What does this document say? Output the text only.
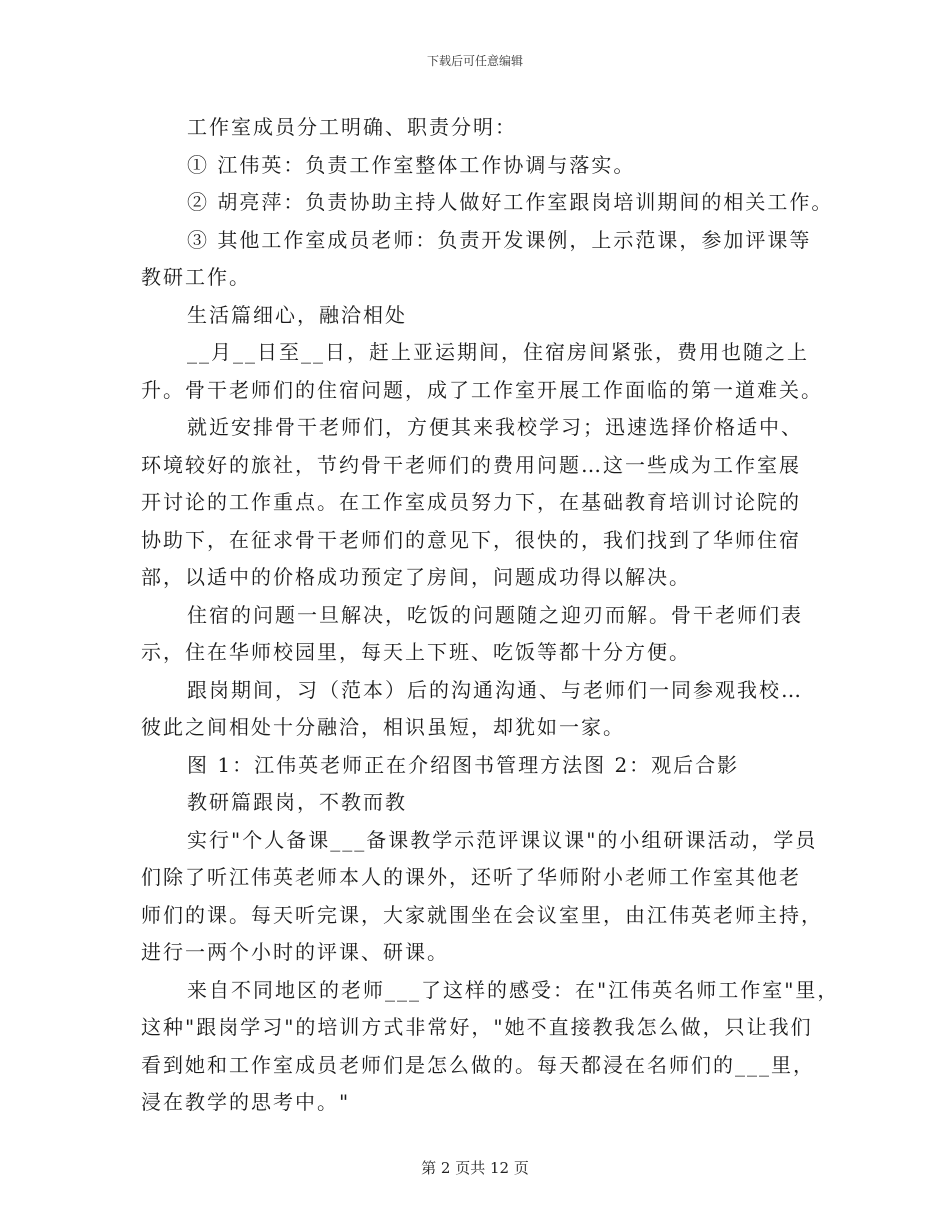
下载后可任意编辑
工作室成员分工明确、职责分明：
① 江伟英：负责工作室整体工作协调与落实。
② 胡亮萍：负责协助主持人做好工作室跟岗培训期间的相关工作。
③ 其他工作室成员老师：负责开发课例，上示范课，参加评课等
教研工作。
生活篇细心，融洽相处
__月__日至__日，赶上亚运期间，住宿房间紧张，费用也随之上
升。骨干老师们的住宿问题，成了工作室开展工作面临的第一道难关。
就近安排骨干老师们，方便其来我校学习；迅速选择价格适中、
环境较好的旅社，节约骨干老师们的费用问题…这一些成为工作室展
开讨论的工作重点。在工作室成员努力下，在基础教育培训讨论院的
协助下，在征求骨干老师们的意见下，很快的，我们找到了华师住宿
部，以适中的价格成功预定了房间，问题成功得以解决。
住宿的问题一旦解决，吃饭的问题随之迎刃而解。骨干老师们表
示，住在华师校园里，每天上下班、吃饭等都十分方便。
跟岗期间，习（范本）后的沟通沟通、与老师们一同参观我校…
彼此之间相处十分融洽，相识虽短，却犹如一家。
图 1：江伟英老师正在介绍图书管理方法图 2：观后合影
教研篇跟岗，不教而教
实行"个人备课___备课教学示范评课议课"的小组研课活动，学员
们除了听江伟英老师本人的课外，还听了华师附小老师工作室其他老
师们的课。每天听完课，大家就围坐在会议室里，由江伟英老师主持，
进行一两个小时的评课、研课。
来自不同地区的老师___了这样的感受：在"江伟英名师工作室"里，
这种"跟岗学习"的培训方式非常好，"她不直接教我怎么做，只让我们
看到她和工作室成员老师们是怎么做的。每天都浸在名师们的___里，
浸在教学的思考中。"
第 2 页共 12 页
